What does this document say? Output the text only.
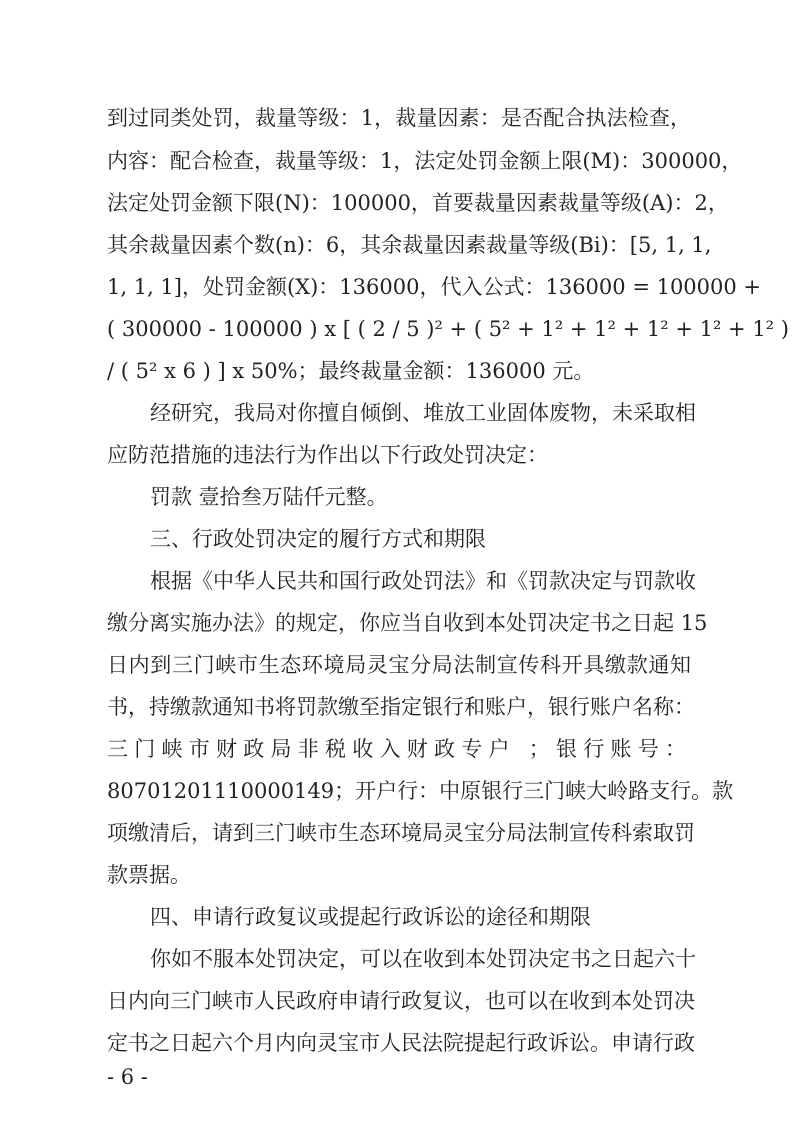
到过同类处罚，裁量等级：1，裁量因素：是否配合执法检查，
内容：配合检查，裁量等级：1，法定处罚金额上限(M)：300000，
法定处罚金额下限(N)：100000，首要裁量因素裁量等级(A)：2，
其余裁量因素个数(n)：6，其余裁量因素裁量等级(Bi)：[5, 1, 1,
1, 1, 1]，处罚金额(X)：136000，代入公式：136000 = 100000 +
( 300000 - 100000 ) x [ ( 2 / 5 )² + ( 5² + 1² + 1² + 1² + 1² + 1² )
/ ( 5² x 6 ) ] x 50%；最终裁量金额：136000 元。
经研究，我局对你擅自倾倒、堆放工业固体废物，未采取相
应防范措施的违法行为作出以下行政处罚决定：
罚款 壹拾叁万陆仟元整。
三、行政处罚决定的履行方式和期限
根据《中华人民共和国行政处罚法》和《罚款决定与罚款收
缴分离实施办法》的规定，你应当自收到本处罚决定书之日起 15
日内到三门峡市生态环境局灵宝分局法制宣传科开具缴款通知
书，持缴款通知书将罚款缴至指定银行和账户，银行账户名称：
三门峡市财政局非税收入财政专户 ；银行账号：
80701201110000149；开户行：中原银行三门峡大岭路支行。款
项缴清后，请到三门峡市生态环境局灵宝分局法制宣传科索取罚
款票据。
四、申请行政复议或提起行政诉讼的途径和期限
你如不服本处罚决定，可以在收到本处罚决定书之日起六十
日内向三门峡市人民政府申请行政复议，也可以在收到本处罚决
定书之日起六个月内向灵宝市人民法院提起行政诉讼。申请行政
- 6 -
